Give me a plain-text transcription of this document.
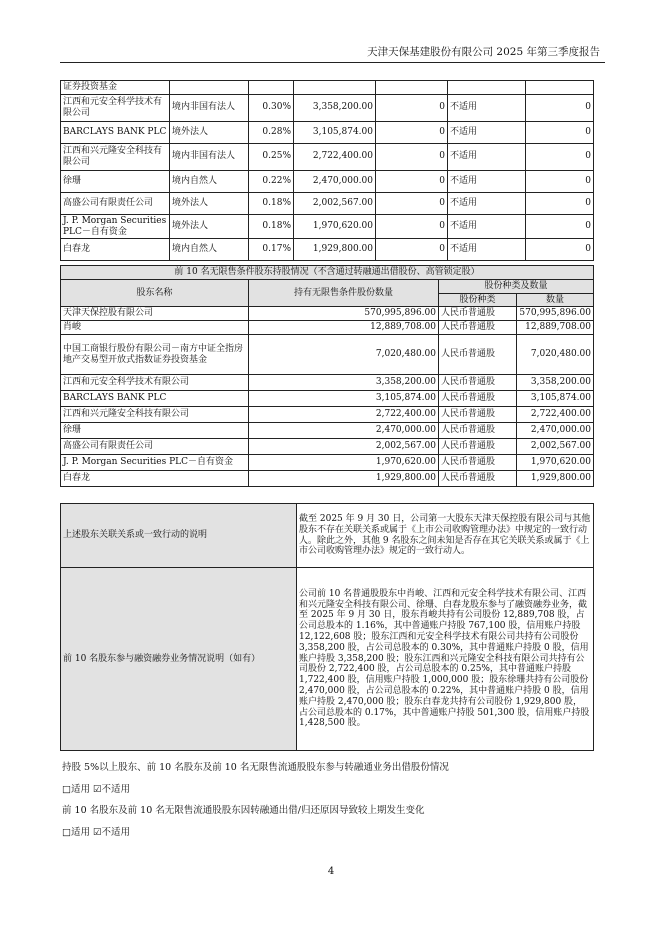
天津天保基建股份有限公司 2025 年第三季度报告
证券投资基金						
江西和元安全科学技术有限公司	境内非国有法人	0.30%	3,358,200.00	0	不适用	0
BARCLAYS BANK PLC	境外法人	0.28%	3,105,874.00	0	不适用	0
江西和兴元隆安全科技有限公司	境内非国有法人	0.25%	2,722,400.00	0	不适用	0
徐珊	境内自然人	0.22%	2,470,000.00	0	不适用	0
高盛公司有限责任公司	境外法人	0.18%	2,002,567.00	0	不适用	0
J. P. Morgan Securities PLC－自有资金	境外法人	0.18%	1,970,620.00	0	不适用	0
白春龙	境内自然人	0.17%	1,929,800.00	0	不适用	0
前 10 名无限售条件股东持股情况（不含通过转融通出借股份、高管锁定股）			
股东名称	持有无限售条件股份数量	股份种类及数量	
		股份种类	数量
天津天保控股有限公司	570,995,896.00	人民币普通股	570,995,896.00
肖峻	12,889,708.00	人民币普通股	12,889,708.00
中国工商银行股份有限公司－南方中证全指房地产交易型开放式指数证券投资基金	7,020,480.00	人民币普通股	7,020,480.00
江西和元安全科学技术有限公司	3,358,200.00	人民币普通股	3,358,200.00
BARCLAYS BANK PLC	3,105,874.00	人民币普通股	3,105,874.00
江西和兴元隆安全科技有限公司	2,722,400.00	人民币普通股	2,722,400.00
徐珊	2,470,000.00	人民币普通股	2,470,000.00
高盛公司有限责任公司	2,002,567.00	人民币普通股	2,002,567.00
J. P. Morgan Securities PLC－自有资金	1,970,620.00	人民币普通股	1,970,620.00
白春龙	1,929,800.00	人民币普通股	1,929,800.00
上述股东关联关系或一致行动的说明	截至 2025 年 9 月 30 日，公司第一大股东天津天保控股有限公司与其他股东不存在关联关系或属于《上市公司收购管理办法》中规定的一致行动人。除此之外，其他 9 名股东之间未知是否存在其它关联关系或属于《上市公司收购管理办法》规定的一致行动人。
前 10 名股东参与融资融券业务情况说明（如有）	公司前 10 名普通股股东中肖峻、江西和元安全科学技术有限公司、江西和兴元隆安全科技有限公司、徐珊、白春龙股东参与了融资融券业务，截至 2025 年 9 月 30 日，股东肖峻共持有公司股份 12,889,708 股，占公司总股本的 1.16%，其中普通账户持股 767,100 股，信用账户持股 12,122,608 股；股东江西和元安全科学技术有限公司共持有公司股份 3,358,200 股，占公司总股本的 0.30%，其中普通账户持股 0 股，信用账户持股 3,358,200 股；股东江西和兴元隆安全科技有限公司共持有公司股份 2,722,400 股，占公司总股本的 0.25%，其中普通账户持股 1,722,400 股，信用账户持股 1,000,000 股；股东徐珊共持有公司股份 2,470,000 股，占公司总股本的 0.22%，其中普通账户持股 0 股，信用账户持股 2,470,000 股；股东白春龙共持有公司股份 1,929,800 股，占公司总股本的 0.17%，其中普通账户持股 501,300 股，信用账户持股 1,428,500 股。
持股 5%以上股东、前 10 名股东及前 10 名无限售流通股股东参与转融通业务出借股份情况
□适用 ☑不适用
前 10 名股东及前 10 名无限售流通股股东因转融通出借/归还原因导致较上期发生变化
□适用 ☑不适用
4
